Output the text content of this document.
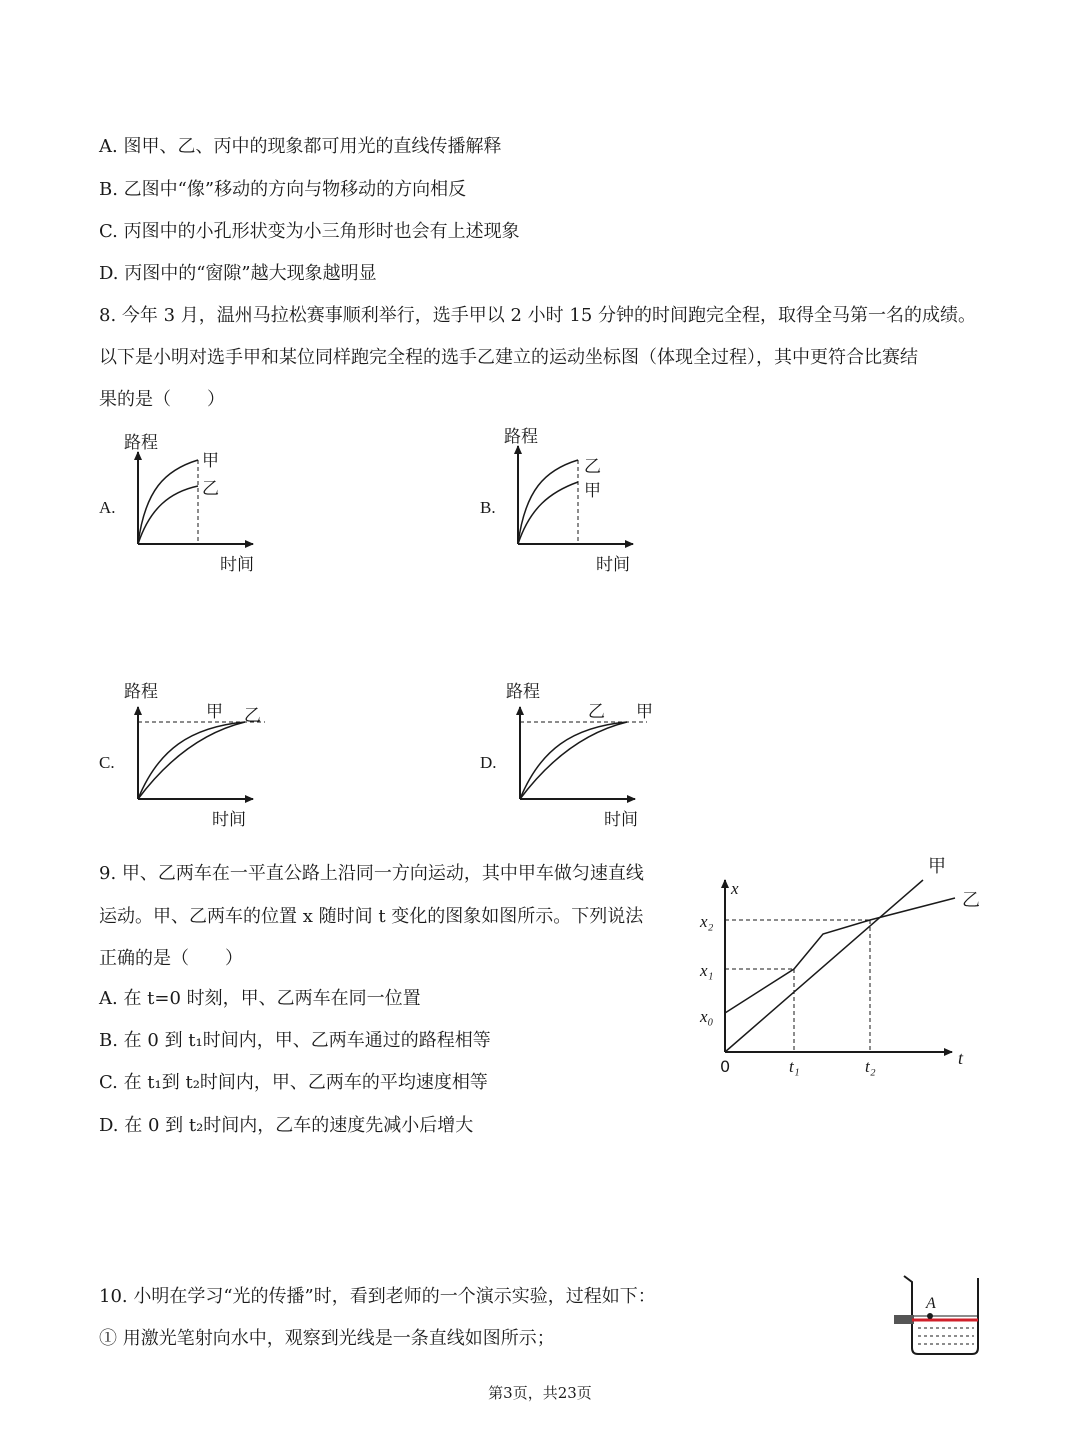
A. 图甲、乙、丙中的现象都可用光的直线传播解释
B. 乙图中“像”移动的方向与物移动的方向相反
C. 丙图中的小孔形状变为小三角形时也会有上述现象
D. 丙图中的“窗隙”越大现象越明显
8. 今年 3 月，温州马拉松赛事顺利举行，选手甲以 2 小时 15 分钟的时间跑完全程，取得全马第一名的成绩。
以下是小明对选手甲和某位同样跑完全程的选手乙建立的运动坐标图（体现全过程），其中更符合比赛结
果的是（　　）
A.	B.
C.	D.
路程
时间
甲
乙
路程
时间
乙
甲
路程
时间
甲 乙
路程
时间
乙 甲
9. 甲、乙两车在一平直公路上沿同一方向运动，其中甲车做匀速直线
运动。甲、乙两车的位置 x 随时间 t 变化的图象如图所示。下列说法
正确的是（　　）
A. 在 t=0 时刻，甲、乙两车在同一位置
B. 在 0 到 t₁时间内，甲、乙两车通过的路程相等
C. 在 t₁到 t₂时间内，甲、乙两车的平均速度相等
D. 在 0 到 t₂时间内，乙车的速度先减小后增大
x
t
0
x₂
x₁
x₀
t₁	t₂
甲
乙
10. 小明在学习“光的传播”时，看到老师的一个演示实验，过程如下：
① 用激光笔射向水中，观察到光线是一条直线如图所示；
A
第3页，共23页
